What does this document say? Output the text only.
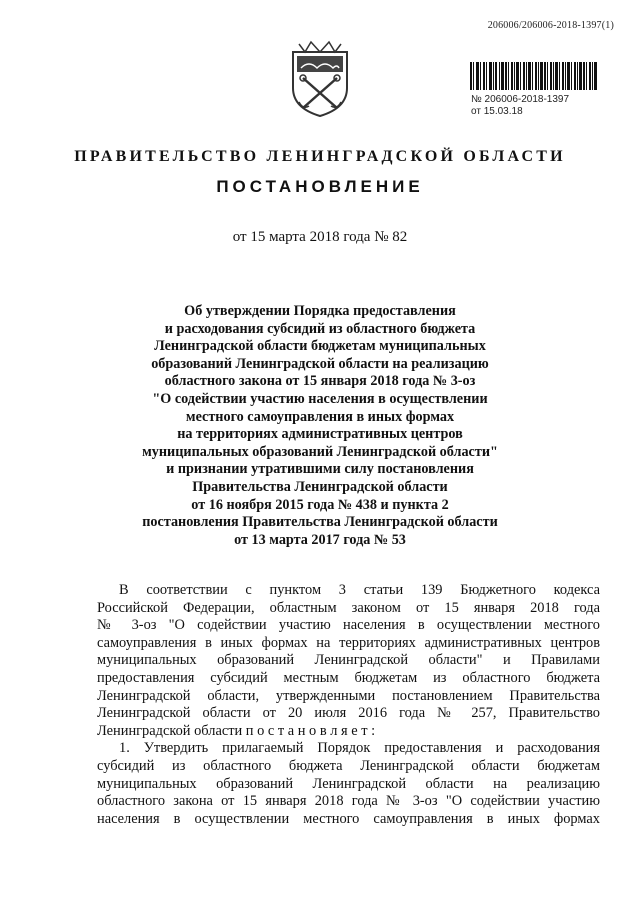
206006/206006-2018-1397(1)
№ 206006-2018-1397
от 15.03.18
ПРАВИТЕЛЬСТВО ЛЕНИНГРАДСКОЙ ОБЛАСТИ
ПОСТАНОВЛЕНИЕ
от 15 марта 2018 года № 82
Об утверждении Порядка предоставления
и расходования субсидий из областного бюджета
Ленинградской области бюджетам муниципальных
образований Ленинградской области на реализацию
областного закона от 15 января 2018 года № 3-оз
"О содействии участию населения в осуществлении
местного самоуправления в иных формах
на территориях административных центров
муниципальных образований Ленинградской области"
и признании утратившими силу постановления
Правительства Ленинградской области
от 16 ноября 2015 года № 438 и пункта 2
постановления Правительства Ленинградской области
от 13 марта 2017 года № 53
В соответствии с пунктом 3 статьи 139 Бюджетного кодекса
Российской Федерации, областным законом от 15 января 2018 года
№ 3-оз "О содействии участию населения в осуществлении местного
самоуправления в иных формах на территориях административных центров
муниципальных образований Ленинградской области" и Правилами
предоставления субсидий местным бюджетам из областного бюджета
Ленинградской области, утвержденными постановлением Правительства
Ленинградской области от 20 июля 2016 года № 257, Правительство
Ленинградской области п о с т а н о в л я е т :
1. Утвердить прилагаемый Порядок предоставления и расходования
субсидий из областного бюджета Ленинградской области бюджетам
муниципальных образований Ленинградской области на реализацию
областного закона от 15 января 2018 года № 3-оз "О содействии участию
населения в осуществлении местного самоуправления в иных формах
